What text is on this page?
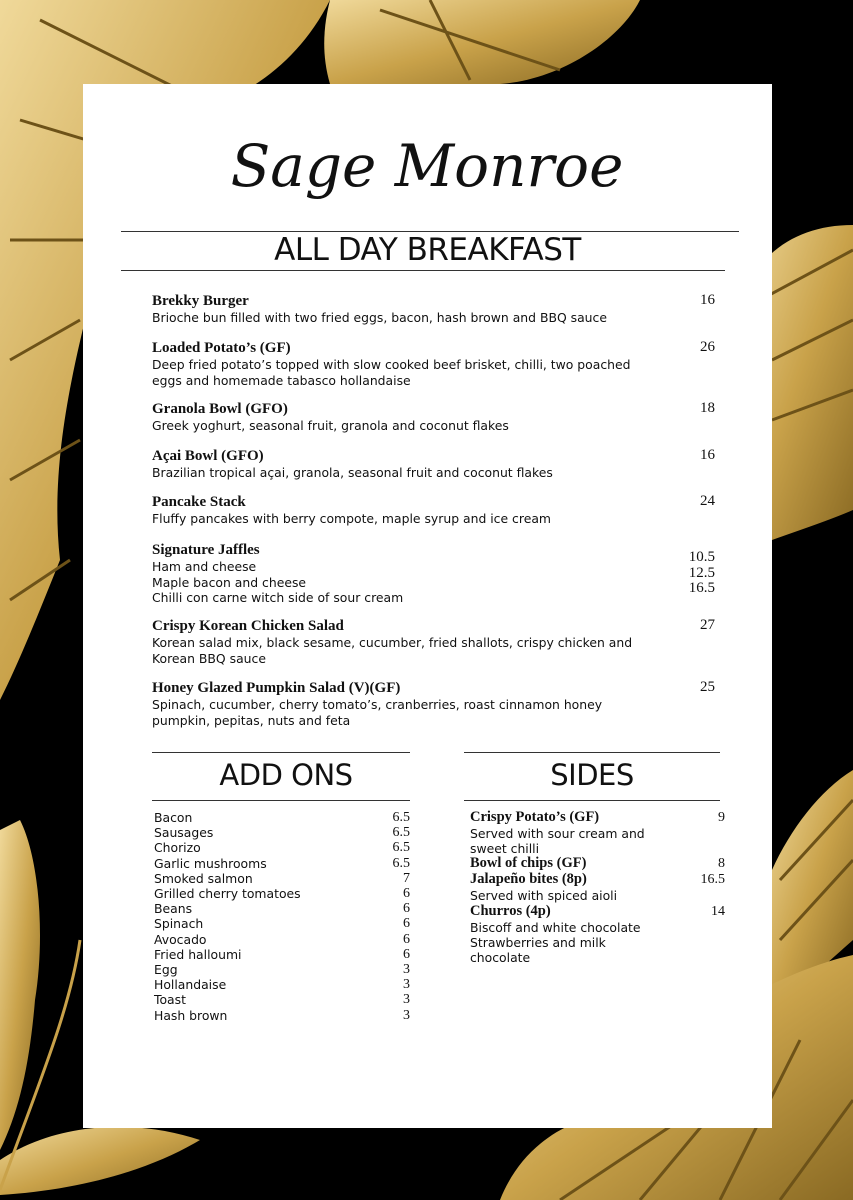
Sage Monroe
ALL DAY BREAKFAST
Brekky Burger
Brioche bun filled with two fried eggs, bacon, hash brown and BBQ sauce
16
Loaded Potato’s (GF)
Deep fried potato’s topped with slow cooked beef brisket, chilli, two poached
eggs and homemade tabasco hollandaise
26
Granola Bowl (GFO)
Greek yoghurt, seasonal fruit, granola and coconut flakes
18
Açai Bowl (GFO)
Brazilian tropical açai, granola, seasonal fruit and coconut flakes
16
Pancake Stack
Fluffy pancakes with berry compote, maple syrup and ice cream
24
Signature Jaffles
Ham and cheese
Maple bacon and cheese
Chilli con carne witch side of sour cream
10.5
12.5
16.5
Crispy Korean Chicken Salad
Korean salad mix, black sesame, cucumber, fried shallots, crispy chicken and
Korean BBQ sauce
27
Honey Glazed Pumpkin Salad (V)(GF)
Spinach, cucumber, cherry tomato’s, cranberries, roast cinnamon honey
pumpkin, pepitas, nuts and feta
25
ADD ONS
Bacon	6.5
Sausages	6.5
Chorizo	6.5
Garlic mushrooms	6.5
Smoked salmon	7
Grilled cherry tomatoes	6
Beans	6
Spinach	6
Avocado	6
Fried halloumi	6
Egg	3
Hollandaise	3
Toast	3
Hash brown	3
SIDES
Crispy Potato’s (GF)
Served with sour cream and
sweet chilli
9
Bowl of chips (GF)	8
Jalapeño bites (8p)
Served with spiced aioli
16.5
Churros (4p)
Biscoff and white chocolate
Strawberries and milk
chocolate
14
